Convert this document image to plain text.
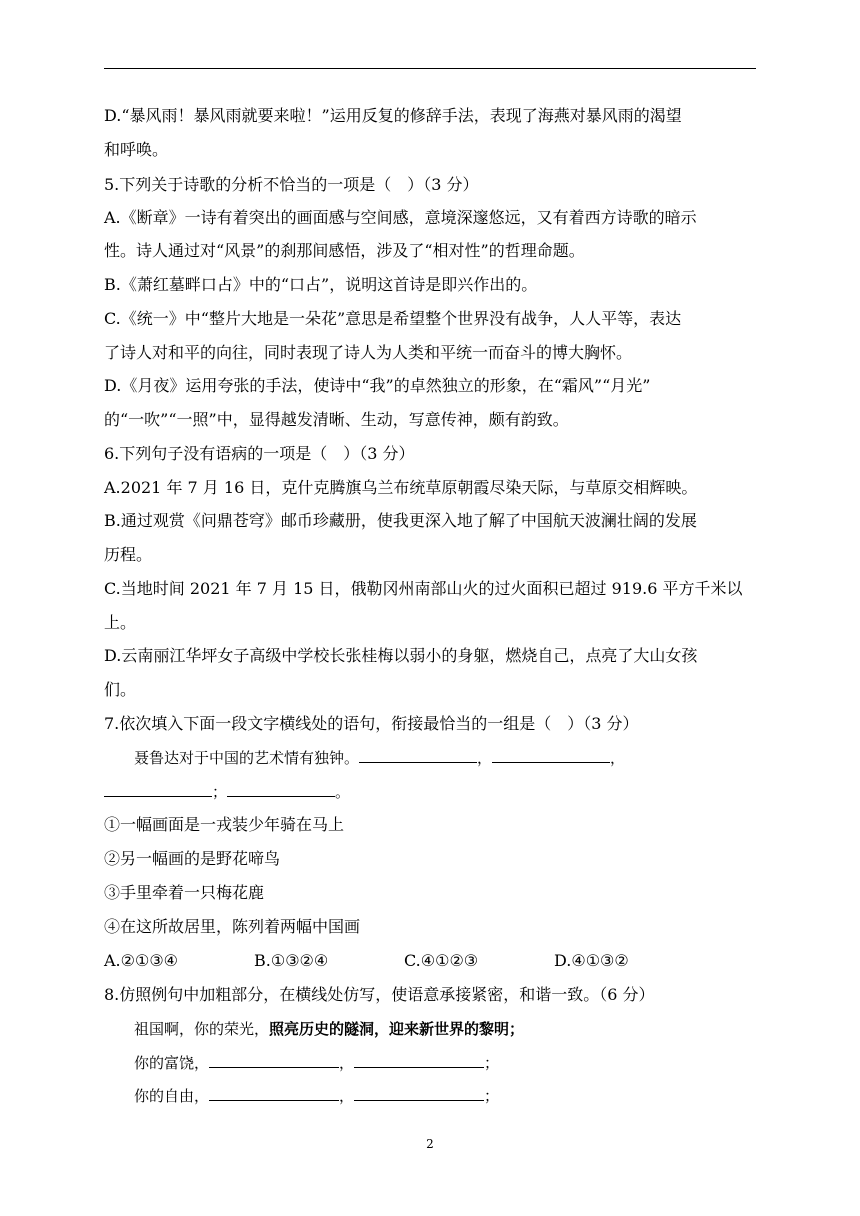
D.“暴风雨！暴风雨就要来啦！”运用反复的修辞手法，表现了海燕对暴风雨的渴望
和呼唤。
5.下列关于诗歌的分析不恰当的一项是（　）（3 分）
A.《断章》一诗有着突出的画面感与空间感，意境深邃悠远，又有着西方诗歌的暗示
性。诗人通过对“风景”的刹那间感悟，涉及了“相对性”的哲理命题。
B.《萧红墓畔口占》中的“口占”，说明这首诗是即兴作出的。
C.《统一》中“整片大地是一朵花”意思是希望整个世界没有战争，人人平等，表达
了诗人对和平的向往，同时表现了诗人为人类和平统一而奋斗的博大胸怀。
D.《月夜》运用夸张的手法，使诗中“我”的卓然独立的形象，在“霜风”“月光”
的“一吹”“一照”中，显得越发清晰、生动，写意传神，颇有韵致。
6.下列句子没有语病的一项是（　）（3 分）
A.2021 年 7 月 16 日，克什克腾旗乌兰布统草原朝霞尽染天际，与草原交相辉映。
B.通过观赏《问鼎苍穹》邮币珍藏册，使我更深入地了解了中国航天波澜壮阔的发展
历程。
C.当地时间 2021 年 7 月 15 日，俄勒冈州南部山火的过火面积已超过 919.6 平方千米以
上。
D.云南丽江华坪女子高级中学校长张桂梅以弱小的身躯，燃烧自己，点亮了大山女孩
们。
7.依次填入下面一段文字横线处的语句，衔接最恰当的一组是（　）（3 分）
聂鲁达对于中国的艺术情有独钟。	，	，
；	。
①一幅画面是一戎装少年骑在马上
②另一幅画的是野花啼鸟
③手里牵着一只梅花鹿
④在这所故居里，陈列着两幅中国画
A.②①③④	B.①③②④	C.④①②③	D.④①③②
8.仿照例句中加粗部分，在横线处仿写，使语意承接紧密，和谐一致。（6 分）
祖国啊，你的荣光，照亮历史的隧洞，迎来新世界的黎明；
你的富饶，	，	；
你的自由，	，	；
2
